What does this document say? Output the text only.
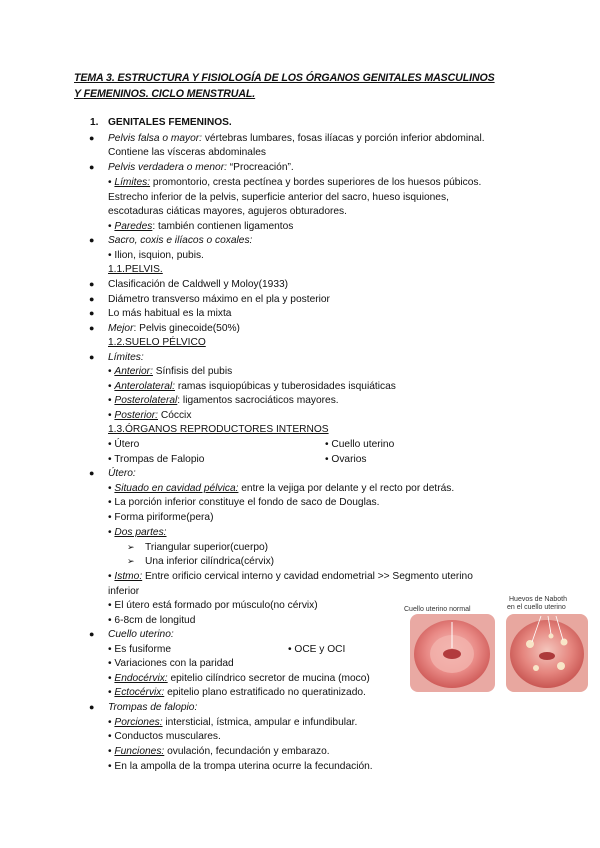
TEMA 3. ESTRUCTURA Y FISIOLOGÍA DE LOS ÓRGANOS GENITALES MASCULINOS
Y FEMENINOS. CICLO MENSTRUAL.
1. GENITALES FEMENINOS.
● Pelvis falsa o mayor: vértebras lumbares, fosas ilíacas y porción inferior abdominal.
Contiene las vísceras abdominales
● Pelvis verdadera o menor: “Procreación”.
• Límites: promontorio, cresta pectínea y bordes superiores de los huesos púbicos.
Estrecho inferior de la pelvis, superficie anterior del sacro, hueso isquiones,
escotaduras ciáticas mayores, agujeros obturadores.
• Paredes: también contienen ligamentos
● Sacro, coxis e ilíacos o coxales:
• Ilion, isquion, pubis.
1.1.PELVIS.
● Clasificación de Caldwell y Moloy(1933)
● Diámetro transverso máximo en el pla y posterior
● Lo más habitual es la mixta
● Mejor: Pelvis ginecoide(50%)
1.2.SUELO PÉLVICO
● Límites:
• Anterior: Sínfisis del pubis
• Anterolateral: ramas isquiopúbicas y tuberosidades isquiáticas
• Posterolateral: ligamentos sacrociáticos mayores.
• Posterior: Cóccix
1.3.ÓRGANOS REPRODUCTORES INTERNOS
• Útero	• Cuello uterino
• Trompas de Falopio	• Ovarios
● Útero:
• Situado en cavidad pélvica: entre la vejiga por delante y el recto por detrás.
• La porción inferior constituye el fondo de saco de Douglas.
• Forma piriforme(pera)
• Dos partes:
➢ Triangular superior(cuerpo)
➢ Una inferior cilíndrica(cérvix)
• Istmo: Entre orificio cervical interno y cavidad endometrial >> Segmento uterino
inferior
• El útero está formado por músculo(no cérvix)
• 6-8cm de longitud
● Cuello uterino:
• Es fusiforme	• OCE y OCI
• Variaciones con la paridad
• Endocérvix: epitelio cilíndrico secretor de mucina (moco)
• Ectocérvix: epitelio plano estratificado no queratinizado.
● Trompas de falopio:
• Porciones: intersticial, ístmica, ampular e infundibular.
• Conductos musculares.
• Funciones: ovulación, fecundación y embarazo.
• En la ampolla de la trompa uterina ocurre la fecundación.
Cuello uterino normal
Huevos de Naboth
en el cuello uterino
